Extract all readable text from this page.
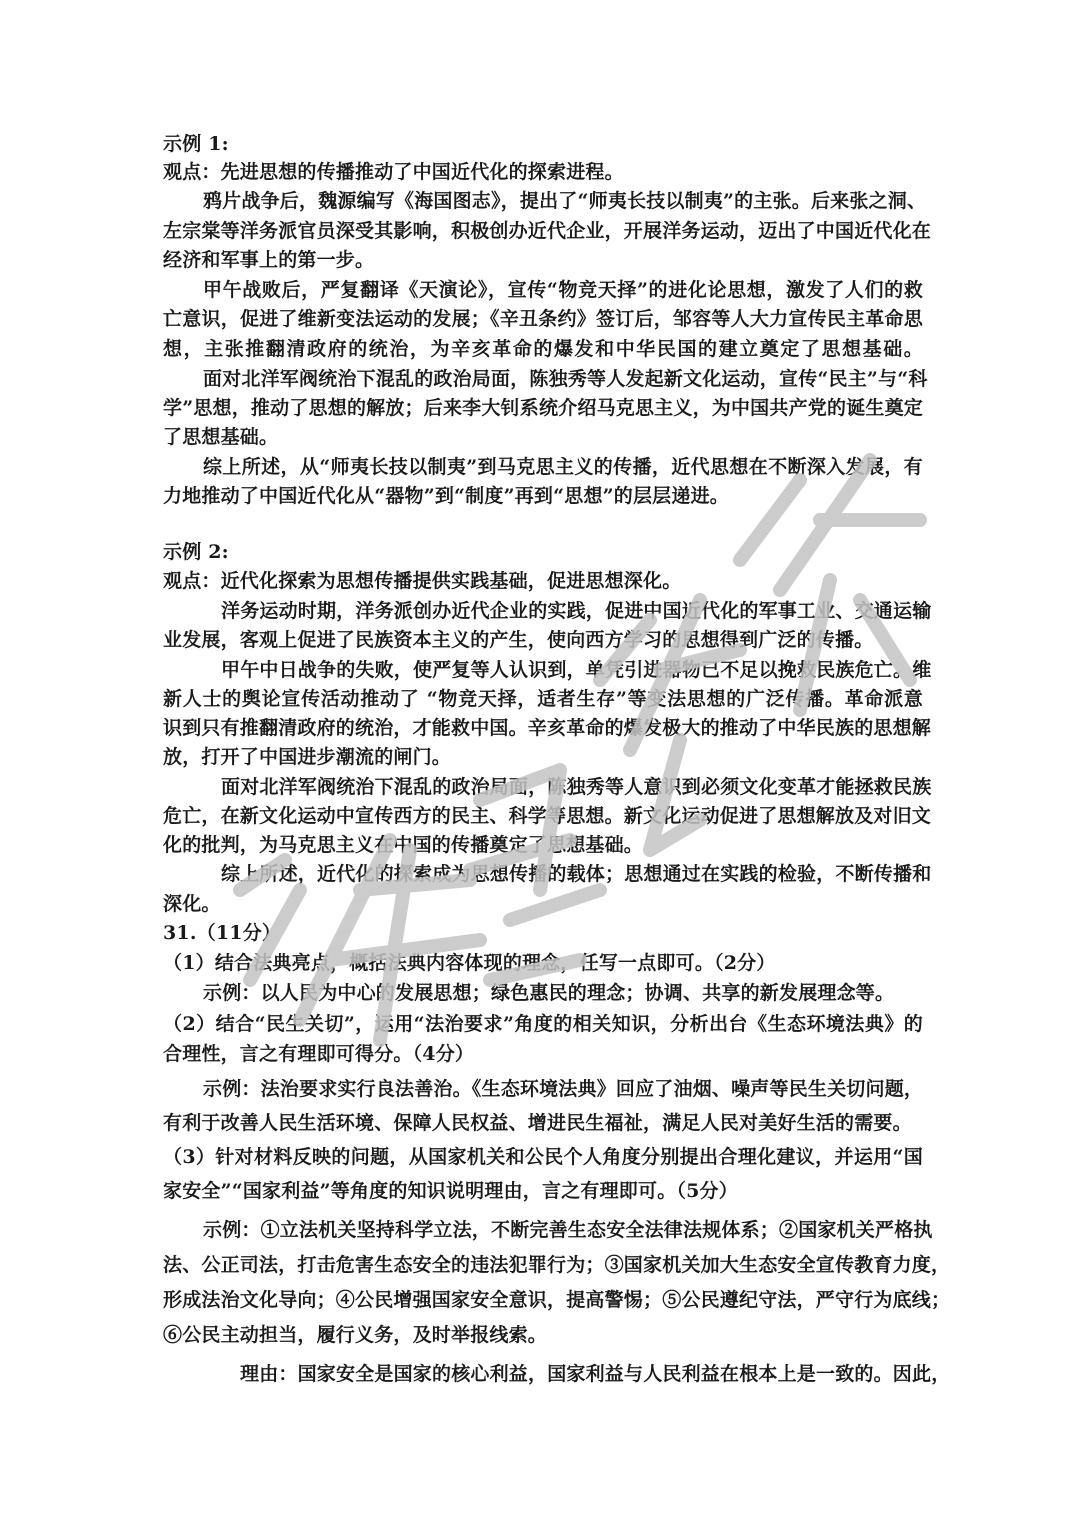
示例 1:
观点：先进思想的传播推动了中国近代化的探索进程。
鸦片战争后，魏源编写《海国图志》，提出了“师夷长技以制夷”的主张。后来张之洞、
左宗棠等洋务派官员深受其影响，积极创办近代企业，开展洋务运动，迈出了中国近代化在
经济和军事上的第一步。
甲午战败后，严复翻译《天演论》，宣传“物竞天择”的进化论思想，激发了人们的救
亡意识，促进了维新变法运动的发展；《辛丑条约》签订后，邹容等人大力宣传民主革命思
想，主张推翻清政府的统治，为辛亥革命的爆发和中华民国的建立奠定了思想基础。
面对北洋军阀统治下混乱的政治局面，陈独秀等人发起新文化运动，宣传“民主”与“科
学”思想，推动了思想的解放；后来李大钊系统介绍马克思主义，为中国共产党的诞生奠定
了思想基础。
综上所述，从“师夷长技以制夷”到马克思主义的传播，近代思想在不断深入发展，有
力地推动了中国近代化从“器物”到“制度”再到“思想”的层层递进。
示例 2:
观点：近代化探索为思想传播提供实践基础，促进思想深化。
洋务运动时期，洋务派创办近代企业的实践，促进中国近代化的军事工业、交通运输
业发展，客观上促进了民族资本主义的产生，使向西方学习的思想得到广泛的传播。
甲午中日战争的失败，使严复等人认识到，单凭引进器物已不足以挽救民族危亡。维
新人士的舆论宣传活动推动了 “物竞天择，适者生存”等变法思想的广泛传播。革命派意
识到只有推翻清政府的统治，才能救中国。辛亥革命的爆发极大的推动了中华民族的思想解
放，打开了中国进步潮流的闸门。
面对北洋军阀统治下混乱的政治局面，陈独秀等人意识到必须文化变革才能拯救民族
危亡，在新文化运动中宣传西方的民主、科学等思想。新文化运动促进了思想解放及对旧文
化的批判，为马克思主义在中国的传播奠定了思想基础。
综上所述，近代化的探索成为思想传播的载体；思想通过在实践的检验，不断传播和
深化。
31.（11分）
（1）结合法典亮点，概括法典内容体现的理念，任写一点即可。（2分）
示例：以人民为中心的发展思想；绿色惠民的理念；协调、共享的新发展理念等。
（2）结合“民生关切”，运用“法治要求”角度的相关知识，分析出台《生态环境法典》的
合理性，言之有理即可得分。（4分）
示例：法治要求实行良法善治。《生态环境法典》回应了油烟、噪声等民生关切问题，
有利于改善人民生活环境、保障人民权益、增进民生福祉，满足人民对美好生活的需要。
（3）针对材料反映的问题，从国家机关和公民个人角度分别提出合理化建议，并运用“国
家安全”“国家利益”等角度的知识说明理由，言之有理即可。（5分）
示例：①立法机关坚持科学立法，不断完善生态安全法律法规体系；②国家机关严格执
法、公正司法，打击危害生态安全的违法犯罪行为；③国家机关加大生态安全宣传教育力度，
形成法治文化导向；④公民增强国家安全意识，提高警惕；⑤公民遵纪守法，严守行为底线；
⑥公民主动担当，履行义务，及时举报线索。
理由：国家安全是国家的核心利益，国家利益与人民利益在根本上是一致的。因此，
